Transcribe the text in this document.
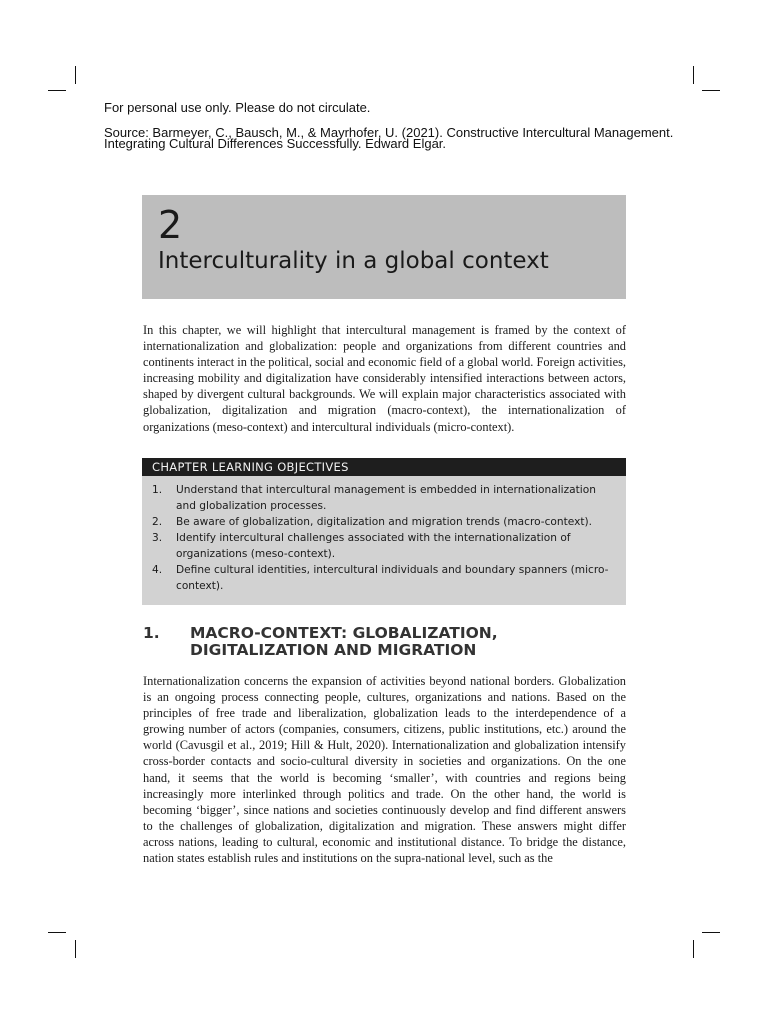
For personal use only. Please do not circulate.
Source: Barmeyer, C., Bausch, M., & Mayrhofer, U. (2021). Constructive Intercultural Management.
Integrating Cultural Differences Successfully. Edward Elgar.
2
Interculturality in a global context

In this chapter, we will highlight that intercultural management is framed by the context of internationalization and globalization: people and organizations from different countries and continents interact in the political, social and economic field of a global world. Foreign activities, increasing mobility and digitalization have considerably intensified interactions between actors, shaped by divergent cultural backgrounds. We will explain major characteristics associated with globalization, digitalization and migration (macro-context), the internationalization of organizations (meso-context) and intercultural individuals (micro-context).

CHAPTER LEARNING OBJECTIVES
1. Understand that intercultural management is embedded in internationalization and globalization processes.
2. Be aware of globalization, digitalization and migration trends (macro-context).
3. Identify intercultural challenges associated with the internationalization of organizations (meso-context).
4. Define cultural identities, intercultural individuals and boundary spanners (micro-context).
1. MACRO-CONTEXT: GLOBALIZATION, DIGITALIZATION AND MIGRATION

Internationalization concerns the expansion of activities beyond national borders. Globalization is an ongoing process connecting people, cultures, organizations and nations. Based on the principles of free trade and liberalization, globalization leads to the interdependence of a growing number of actors (companies, consumers, citizens, public institutions, etc.) around the world (Cavusgil et al., 2019; Hill & Hult, 2020). Internationalization and globalization intensify cross-border contacts and socio-cultural diversity in societies and organizations. On the one hand, it seems that the world is becoming ‘smaller’, with countries and regions being increasingly more interlinked through politics and trade. On the other hand, the world is becoming ‘bigger’, since nations and societies continuously develop and find different answers to the challenges of globalization, digitalization and migration. These answers might differ across nations, leading to cultural, economic and institutional distance. To bridge the distance, nation states establish rules and institutions on the supra-national level, such as the
